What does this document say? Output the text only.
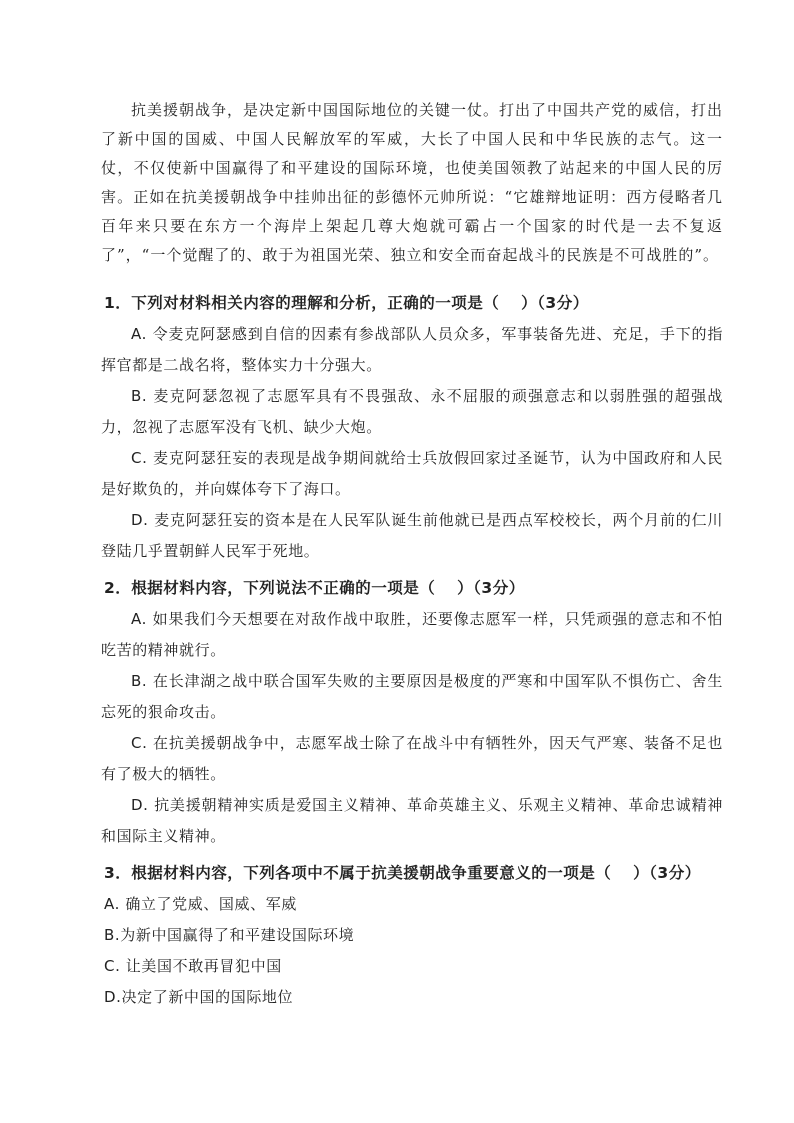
抗美援朝战争，是决定新中国国际地位的关键一仗。打出了中国共产党的威信，打出了新中国的国威、中国人民解放军的军威，大长了中国人民和中华民族的志气。这一仗，不仅使新中国赢得了和平建设的国际环境，也使美国领教了站起来的中国人民的厉害。正如在抗美援朝战争中挂帅出征的彭德怀元帅所说：“它雄辩地证明：西方侵略者几百年来只要在东方一个海岸上架起几尊大炮就可霸占一个国家的时代是一去不复返了”，“一个觉醒了的、敢于为祖国光荣、独立和安全而奋起战斗的民族是不可战胜的”。

1．下列对材料相关内容的理解和分析，正确的一项是（　 ）（3分）
A. 令麦克阿瑟感到自信的因素有参战部队人员众多，军事装备先进、充足，手下的指挥官都是二战名将，整体实力十分强大。
B. 麦克阿瑟忽视了志愿军具有不畏强敌、永不屈服的顽强意志和以弱胜强的超强战力，忽视了志愿军没有飞机、缺少大炮。
C. 麦克阿瑟狂妄的表现是战争期间就给士兵放假回家过圣诞节，认为中国政府和人民是好欺负的，并向媒体夸下了海口。
D. 麦克阿瑟狂妄的资本是在人民军队诞生前他就已是西点军校校长，两个月前的仁川登陆几乎置朝鲜人民军于死地。
2．根据材料内容，下列说法不正确的一项是（　 ）（3分）
A. 如果我们今天想要在对敌作战中取胜，还要像志愿军一样，只凭顽强的意志和不怕吃苦的精神就行。
B. 在长津湖之战中联合国军失败的主要原因是极度的严寒和中国军队不惧伤亡、舍生忘死的狠命攻击。
C. 在抗美援朝战争中，志愿军战士除了在战斗中有牺牲外，因天气严寒、装备不足也有了极大的牺牲。
D. 抗美援朝精神实质是爱国主义精神、革命英雄主义、乐观主义精神、革命忠诚精神和国际主义精神。
3．根据材料内容，下列各项中不属于抗美援朝战争重要意义的一项是（　 ）（3分）
A. 确立了党威、国威、军威
B.为新中国赢得了和平建设国际环境
C. 让美国不敢再冒犯中国
D.决定了新中国的国际地位
